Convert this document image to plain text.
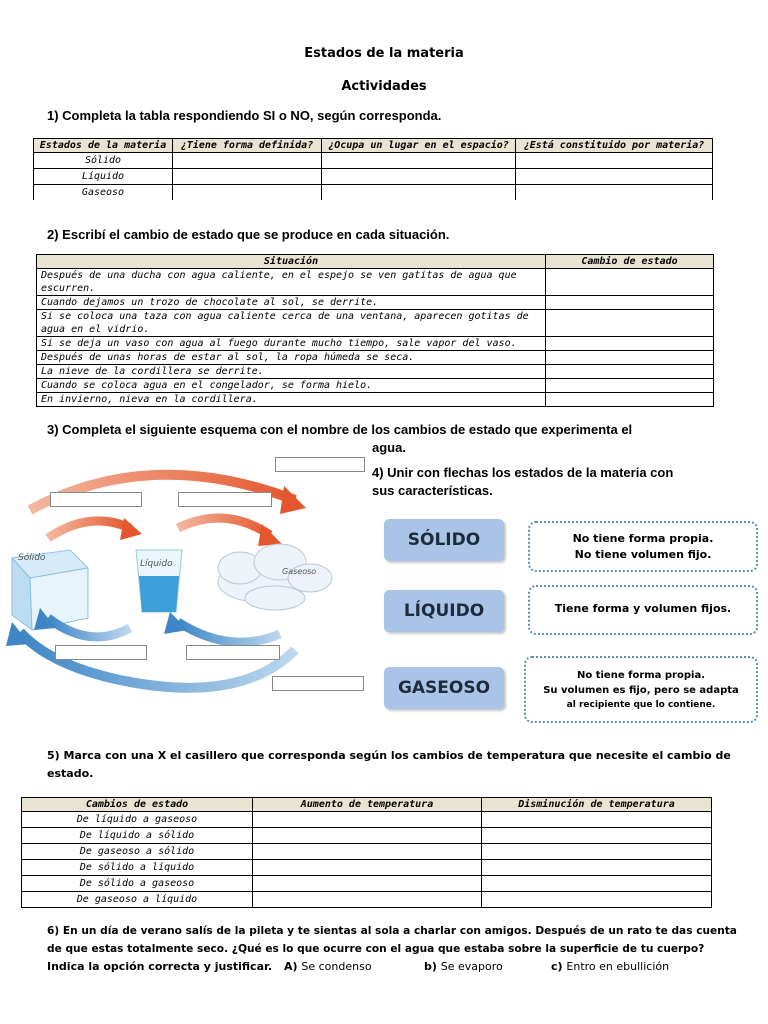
Estados de la materia
Actividades
1) Completa la tabla respondiendo SI o NO, según corresponda.
Estados de la materia	¿Tiene forma definida?	¿Ocupa un lugar en el espacio?	¿Está constituido por materia?
Sólido			
Líquido			
Gaseoso			
2) Escribí el cambio de estado que se produce en cada situación.
Situación	Cambio de estado
Después de una ducha con agua caliente, en el espejo se ven gatitas de agua que escurren.	
Cuando dejamos un trozo de chocolate al sol, se derrite.	
Si se coloca una taza con agua caliente cerca de una ventana, aparecen gotitas de agua en el vidrio.	
Si se deja un vaso con agua al fuego durante mucho tiempo, sale vapor del vaso.	
Después de unas horas de estar al sol, la ropa húmeda se seca.	
La nieve de la cordillera se derrite.	
Cuando se coloca agua en el congelador, se forma hielo.	
En invierno, nieva en la cordillera.	
3) Completa el siguiente esquema con el nombre de los cambios de estado que experimenta el
agua.
4) Unir con flechas los estados de la materia con
sus características.
Sólido
Líquido
Gaseoso
SÓLIDO
LÍQUIDO
GASEOSO
No tiene forma propia.
No tiene volumen fijo.
Tiene forma y volumen fijos.
No tiene forma propia.
Su volumen es fijo, pero se adapta
al recipiente que lo contiene.
5) Marca con una X el casillero que corresponda según los cambios de temperatura que necesite el cambio de
estado.
Cambios de estado	Aumento de temperatura	Disminución de temperatura
De líquido a gaseoso		
De líquido a sólido		
De gaseoso a sólido		
De sólido a líquido		
De sólido a gaseoso		
De gaseoso a líquido		
6) En un día de verano salís de la pileta y te sientas al sola a charlar con amigos. Después de un rato te das cuenta
de que estas totalmente seco. ¿Qué es lo que ocurre con el agua que estaba sobre la superficie de tu cuerpo?
Indica la opción correcta y justificar. A) Se condenso	b) Se evaporo	c) Entro en ebullición
